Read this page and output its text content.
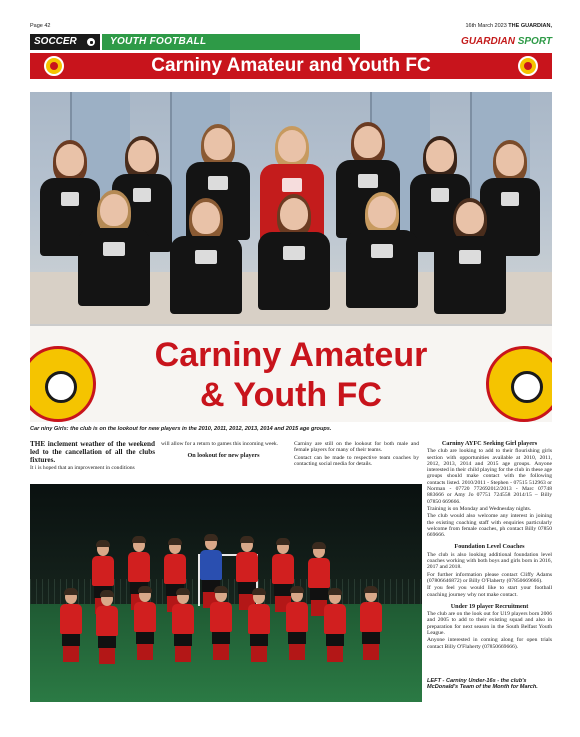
Page 42	16th March 2023 THE GUARDIAN,
SOCCER	YOUTH FOOTBALL	GUARDIAN SPORT
Carniny Amateur and Youth FC
Carniny Amateur
& Youth FC
Car niny Girls: the club is on the lookout for new players in the 2010, 2011, 2012, 2013, 2014 and 2015 age groups.

THE inclement weather of the weekend led to the cancellation of all the clubs fixtures.

It i is hoped that an improvement in conditions

will allow for a return to games this incoming week.

On lookout for new players

Carniny are still on the lookout for both male and female players for many of their teams.

Contact can be made to respective team coaches by contacting social media for details.

Carniny AYFC Seeking Girl players

The club are looking to add to their flourishing girls section with opportunities available at 2010, 2011, 2012, 2013, 2014 and 2015 age groups. Anyone interested in their child playing for the club in these age groups should make contact with the following contacts listed. 2010/2011 - Stephen - 07515 512963 or Norman - 07720 772692012/2013 - Marc 07748 883666 or Amy Jo 07751 724558 2014/15 – Billy 07850 669666.

Training is on Monday and Wednesday nights.

The club would also welcome any interest in joining the existing coaching staff with enquiries particularly welcome from female coaches, ph contact Billy 07850 669666.

Foundation Level Coaches

The club is also looking additional foundation level coaches working with both boys and girls born in 2016, 2017 and 2018.

For further information please contact Cliffy Adams (07806646872) or Billy O'Flaherty (07850669666).

If you feel you would like to start your football coaching journey why not make contact.

Under 19 player Recruitment

The club are on the look out for U19 players born 2006 and 2005 to add to their existing squad and also in preparation for next season in the South Belfast Youth League.

Anyone interested in coming along for open trials contact Billy O'Flaherty (07850669666).

LEFT - Carniny Under-16s - the club's McDonald's Team of the Month for March.
